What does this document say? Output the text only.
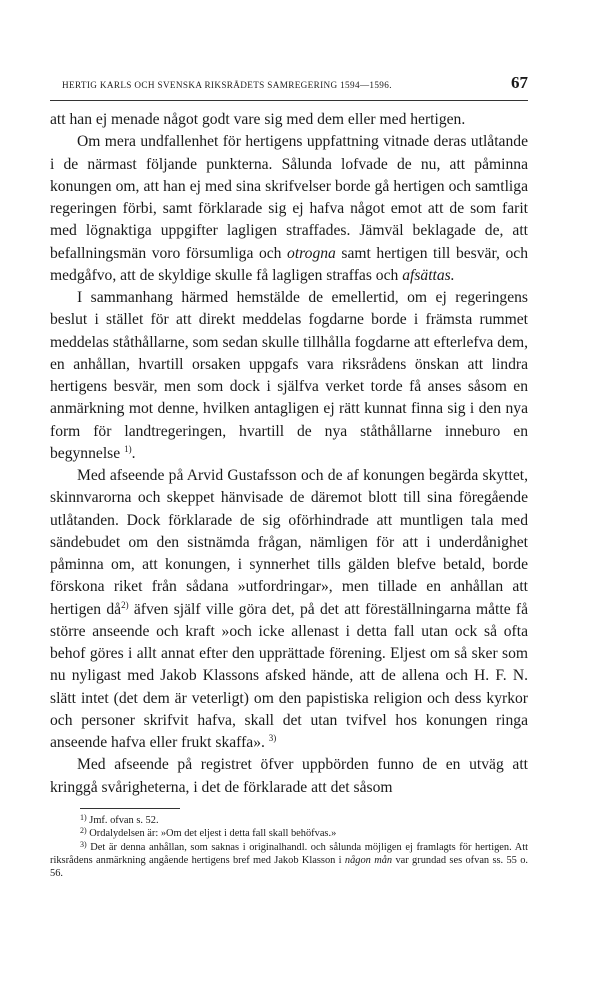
HERTIG KARLS OCH SVENSKA RIKSRÅDETS SAMREGERING 1594—1596.	67

att han ej menade något godt vare sig med dem eller med hertigen.

Om mera undfallenhet för hertigens uppfattning vitnade deras utlåtande i de närmast följande punkterna. Sålunda lofvade de nu, att påminna konungen om, att han ej med sina skrifvelser borde gå hertigen och samtliga regeringen förbi, samt förklarade sig ej hafva något emot att de som farit med lögnaktiga uppgifter lagligen straffades. Jämväl beklagade de, att befallningsmän voro försumliga och otrogna samt hertigen till besvär, och medgåfvo, att de skyldige skulle få lagligen straffas och afsättas.

I sammanhang härmed hemstälde de emellertid, om ej regeringens beslut i stället för att direkt meddelas fogdarne borde i främsta rummet meddelas ståthållarne, som sedan skulle tillhålla fogdarne att efterlefva dem, en anhållan, hvartill orsaken uppgafs vara riksrådens önskan att lindra hertigens besvär, men som dock i själfva verket torde få anses såsom en anmärkning mot denne, hvilken antagligen ej rätt kunnat finna sig i den nya form för landtregeringen, hvartill de nya ståthållarne inneburo en begynnelse $^{1)}$.

Med afseende på Arvid Gustafsson och de af konungen begärda skyttet, skinnvarorna och skeppet hänvisade de däremot blott till sina föregående utlåtanden. Dock förklarade de sig oförhindrade att muntligen tala med sändebudet om den sistnämda frågan, nämligen för att i underdånighet påminna om, att konungen, i synnerhet tills gälden blefve betald, borde förskona riket från sådana »utfordringar», men tillade en anhållan att hertigen då$^{2)}$ äfven själf ville göra det, på det att föreställningarna måtte få större anseende och kraft »och icke allenast i detta fall utan ock så ofta behof göres i allt annat efter den upprättade förening. Eljest om så sker som nu nyligast med Jakob Klassons afsked hände, att de allena och H. F. N. slätt intet (det dem är veterligt) om den papistiska religion och dess kyrkor och personer skrifvit hafva, skall det utan tvifvel hos konungen ringa anseende hafva eller frukt skaffa». $^{3)}$

Med afseende på registret öfver uppbörden funno de en utväg att kringgå svårigheterna, i det de förklarade att det såsom

$^{1)}$ Jmf. ofvan s. 52.

$^{2)}$ Ordalydelsen är: »Om det eljest i detta fall skall behöfvas.»

$^{3)}$ Det är denna anhållan, som saknas i originalhandl. och sålunda möjligen ej framlagts för hertigen. Att riksrådens anmärkning angående hertigens bref med Jakob Klasson i någon mån var grundad ses ofvan ss. 55 o. 56.
